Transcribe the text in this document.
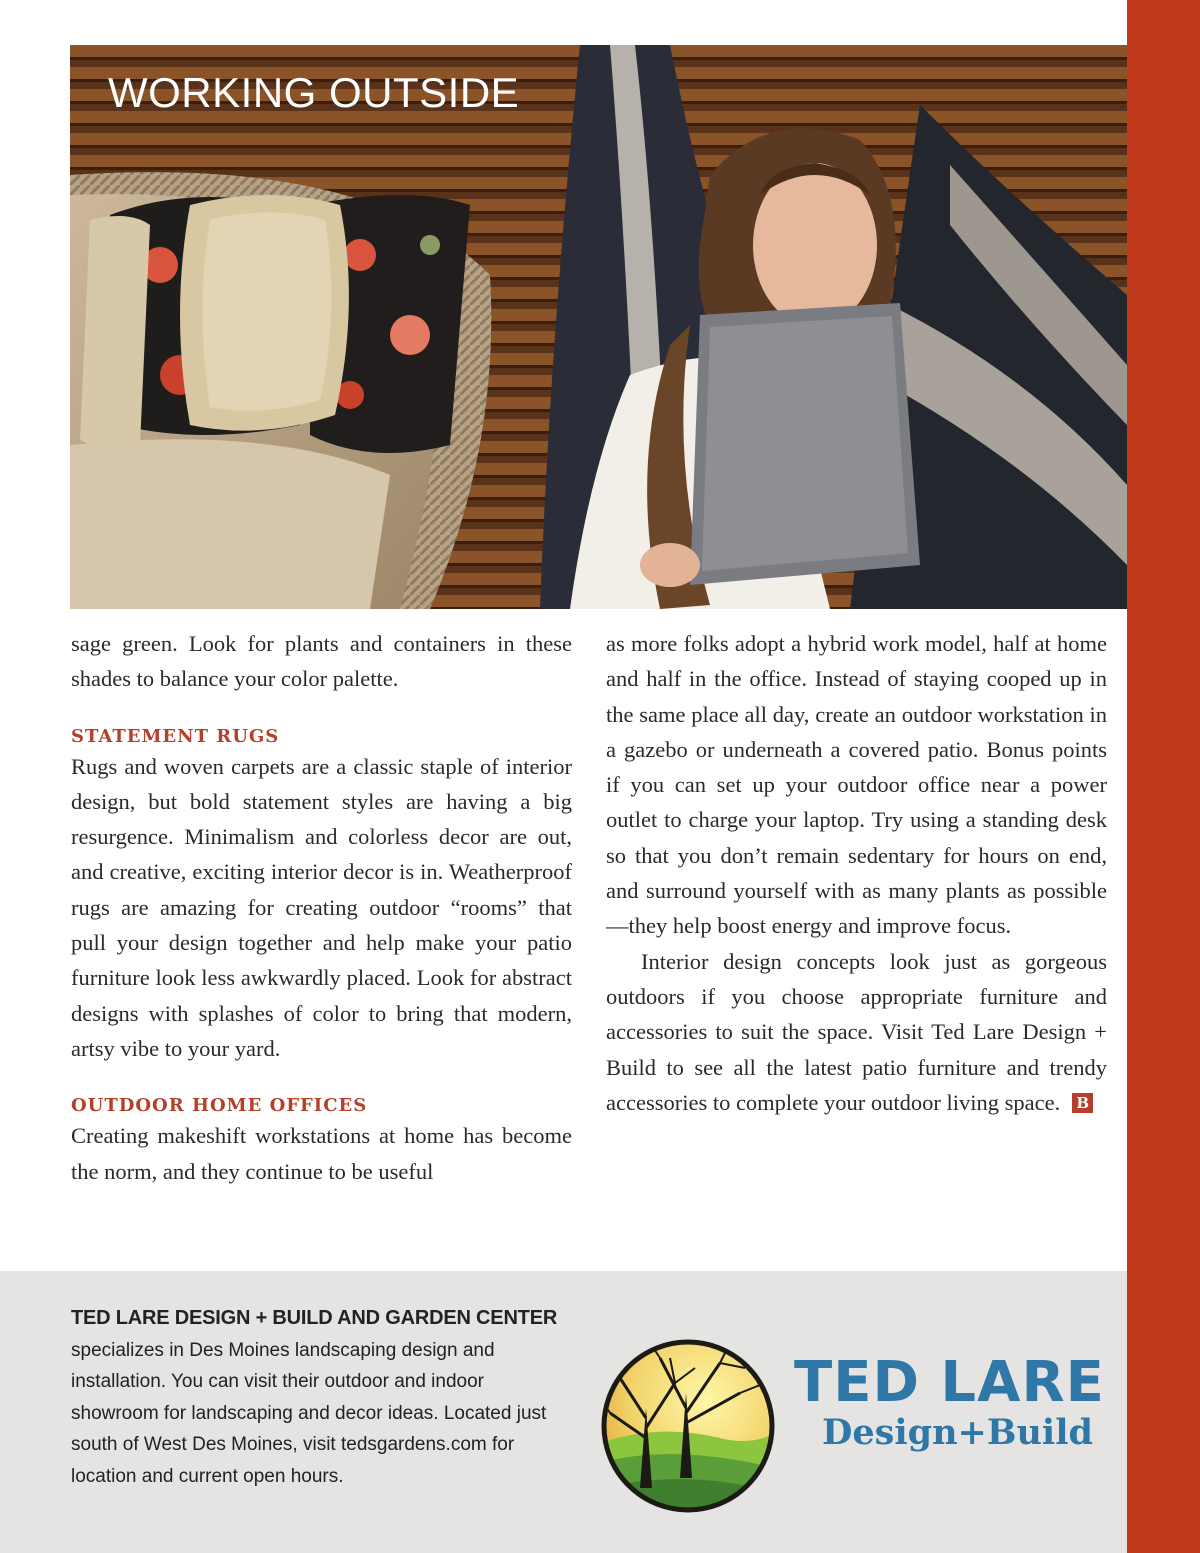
WORKING OUTSIDE

sage green. Look for plants and containers in these shades to balance your color palette.

STATEMENT RUGS

Rugs and woven carpets are a classic staple of interior design, but bold statement styles are having a big resurgence. Minimalism and colorless decor are out, and creative, exciting interior decor is in. Weatherproof rugs are amazing for creating outdoor “rooms” that pull your design together and help make your patio furniture look less awkwardly placed. Look for abstract designs with splashes of color to bring that modern, artsy vibe to your yard.

OUTDOOR HOME OFFICES

Creating makeshift workstations at home has become the norm, and they continue to be useful

as more folks adopt a hybrid work model, half at home and half in the office. Instead of staying cooped up in the same place all day, create an outdoor workstation in a gazebo or underneath a covered patio. Bonus points if you can set up your outdoor office near a power outlet to charge your laptop. Try using a standing desk so that you don’t remain sedentary for hours on end, and surround yourself with as many plants as possible—they help boost energy and improve focus.

Interior design concepts look just as gorgeous outdoors if you choose appropriate furniture and accessories to suit the space. Visit Ted Lare Design + Build to see all the latest patio furniture and trendy accessories to complete your outdoor living space. B

TED LARE DESIGN + BUILD AND GARDEN CENTER
specializes in Des Moines landscaping design and installation. You can visit their outdoor and indoor showroom for landscaping and decor ideas. Located just south of West Des Moines, visit tedsgardens.com for location and current open hours.

TED LARE

Design+Build
